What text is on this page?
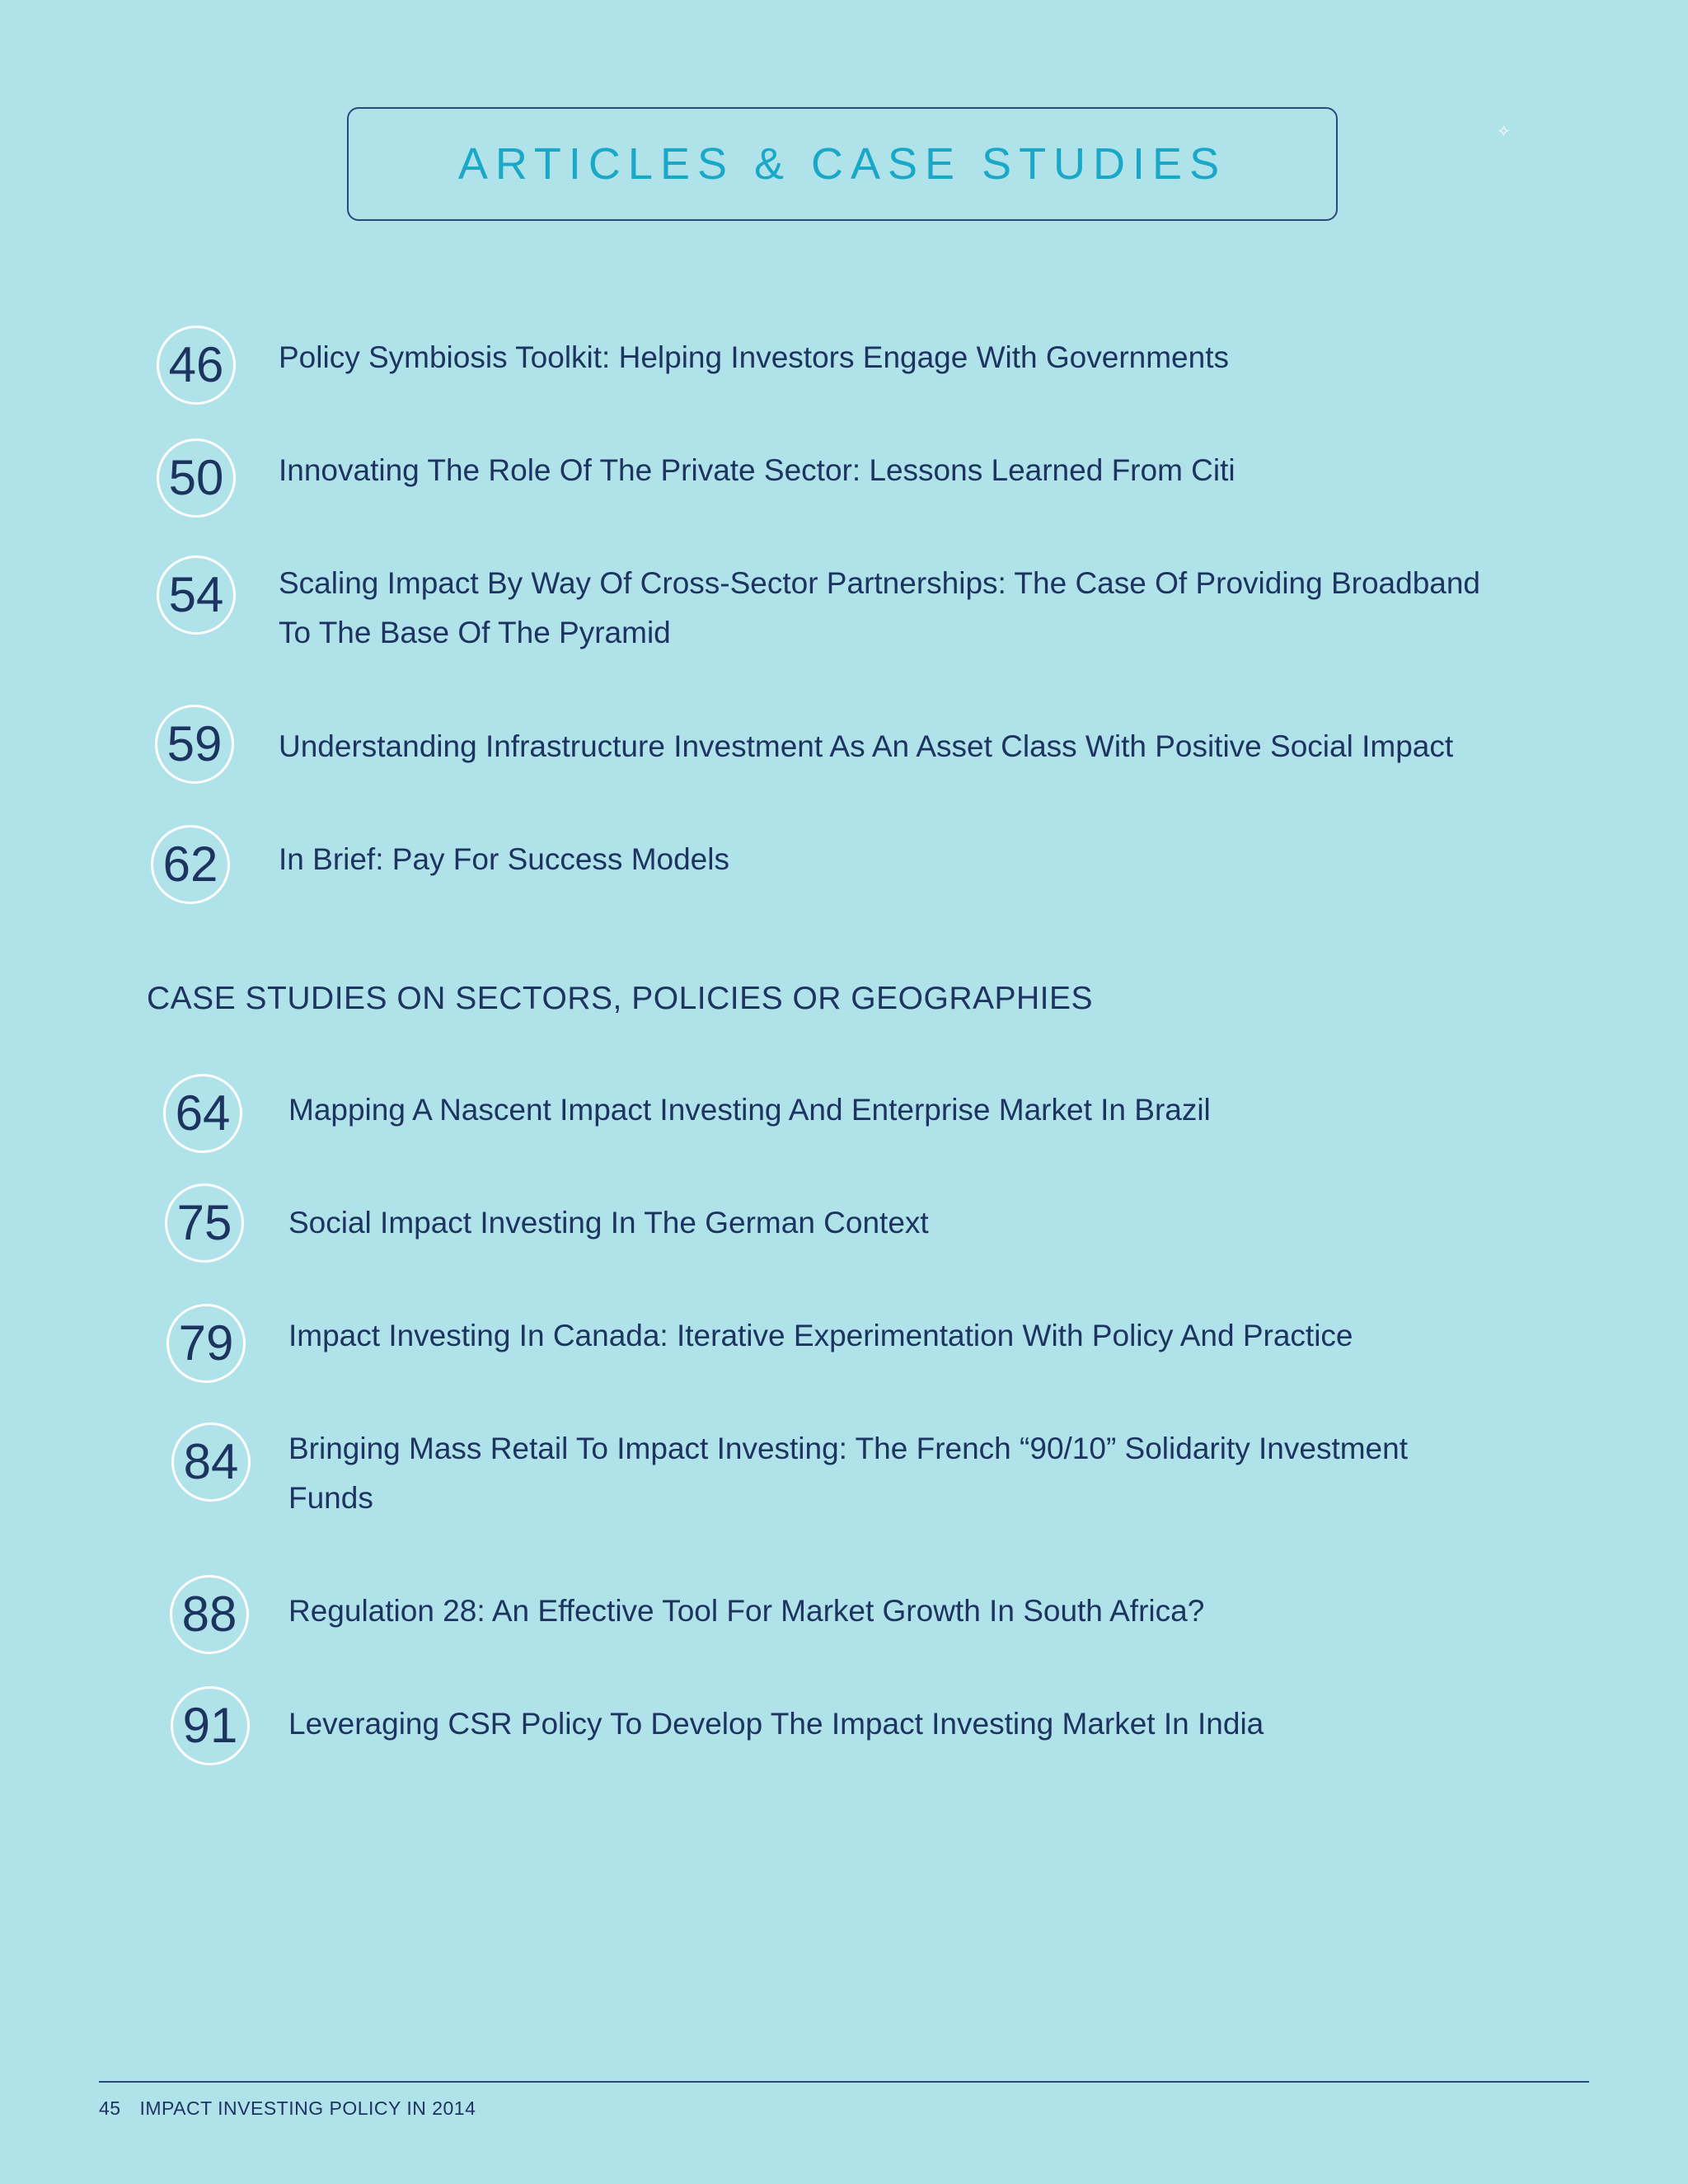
ARTICLES & CASE STUDIES
✧
46	Policy Symbiosis Toolkit: Helping Investors Engage With Governments
50	Innovating The Role Of The Private Sector: Lessons Learned From Citi
54	Scaling Impact By Way Of Cross-Sector Partnerships: The Case Of Providing Broadband To The Base Of The Pyramid
59	Understanding Infrastructure Investment As An Asset Class With Positive Social Impact
62	In Brief: Pay For Success Models
CASE STUDIES ON SECTORS, POLICIES OR GEOGRAPHIES
64	Mapping A Nascent Impact Investing And Enterprise Market In Brazil
75	Social Impact Investing In The German Context
79	Impact Investing In Canada: Iterative Experimentation With Policy And Practice
84	Bringing Mass Retail To Impact Investing: The French “90/10” Solidarity Investment Funds
88	Regulation 28: An Effective Tool For Market Growth In South Africa?
91	Leveraging CSR Policy To Develop The Impact Investing Market In India
45 IMPACT INVESTING POLICY IN 2014
